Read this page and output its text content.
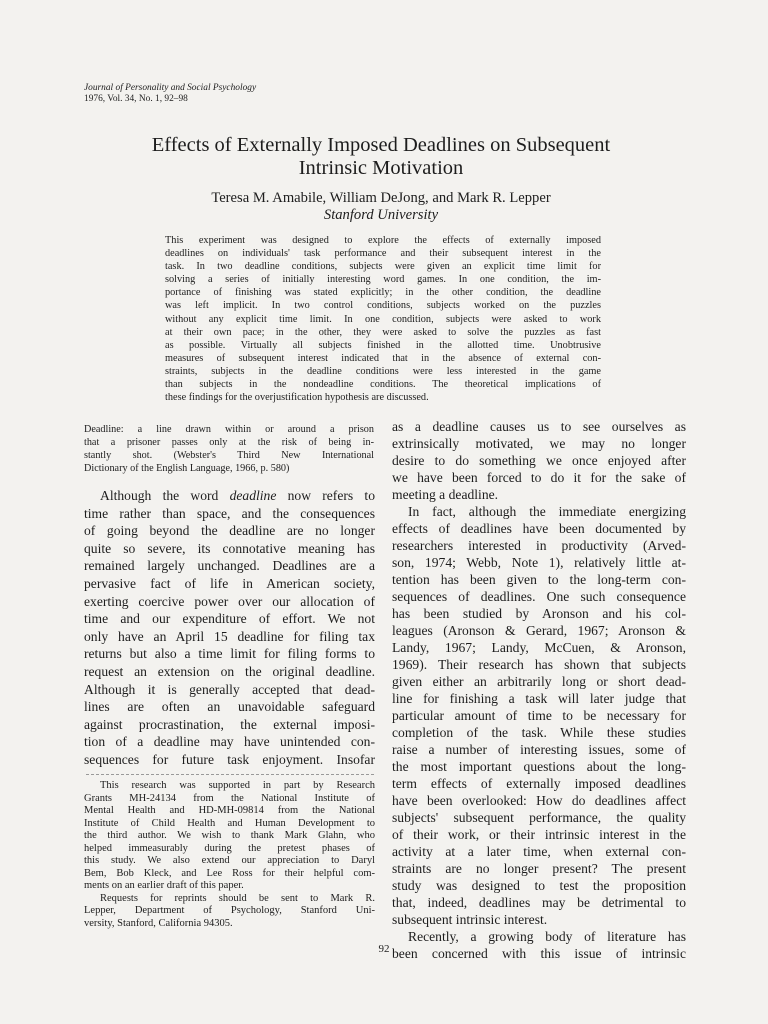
Journal of Personality and Social Psychology
1976, Vol. 34, No. 1, 92–98
Effects of Externally Imposed Deadlines on Subsequent
Intrinsic Motivation
Teresa M. Amabile, William DeJong, and Mark R. Lepper
Stanford University
This experiment was designed to explore the effects of externally imposed
deadlines on individuals' task performance and their subsequent interest in the
task. In two deadline conditions, subjects were given an explicit time limit for
solving a series of initially interesting word games. In one condition, the im-
portance of finishing was stated explicitly; in the other condition, the deadline
was left implicit. In two control conditions, subjects worked on the puzzles
without any explicit time limit. In one condition, subjects were asked to work
at their own pace; in the other, they were asked to solve the puzzles as fast
as possible. Virtually all subjects finished in the allotted time. Unobtrusive
measures of subsequent interest indicated that in the absence of external con-
straints, subjects in the deadline conditions were less interested in the game
than subjects in the nondeadline conditions. The theoretical implications of
these findings for the overjustification hypothesis are discussed.
Deadline: a line drawn within or around a prison
that a prisoner passes only at the risk of being in-
stantly shot. (Webster's Third New International
Dictionary of the English Language, 1966, p. 580)
Although the word deadline now refers to
time rather than space, and the consequences
of going beyond the deadline are no longer
quite so severe, its connotative meaning has
remained largely unchanged. Deadlines are a
pervasive fact of life in American society,
exerting coercive power over our allocation of
time and our expenditure of effort. We not
only have an April 15 deadline for filing tax
returns but also a time limit for filing forms to
request an extension on the original deadline.
Although it is generally accepted that dead-
lines are often an unavoidable safeguard
against procrastination, the external imposi-
tion of a deadline may have unintended con-
sequences for future task enjoyment. Insofar
This research was supported in part by Research
Grants MH-24134 from the National Institute of
Mental Health and HD-MH-09814 from the National
Institute of Child Health and Human Development to
the third author. We wish to thank Mark Glahn, who
helped immeasurably during the pretest phases of
this study. We also extend our appreciation to Daryl
Bem, Bob Kleck, and Lee Ross for their helpful com-
ments on an earlier draft of this paper.
Requests for reprints should be sent to Mark R.
Lepper, Department of Psychology, Stanford Uni-
versity, Stanford, California 94305.
as a deadline causes us to see ourselves as
extrinsically motivated, we may no longer
desire to do something we once enjoyed after
we have been forced to do it for the sake of
meeting a deadline.
In fact, although the immediate energizing
effects of deadlines have been documented by
researchers interested in productivity (Arved-
son, 1974; Webb, Note 1), relatively little at-
tention has been given to the long-term con-
sequences of deadlines. One such consequence
has been studied by Aronson and his col-
leagues (Aronson & Gerard, 1967; Aronson &
Landy, 1967; Landy, McCuen, & Aronson,
1969). Their research has shown that subjects
given either an arbitrarily long or short dead-
line for finishing a task will later judge that
particular amount of time to be necessary for
completion of the task. While these studies
raise a number of interesting issues, some of
the most important questions about the long-
term effects of externally imposed deadlines
have been overlooked: How do deadlines affect
subjects' subsequent performance, the quality
of their work, or their intrinsic interest in the
activity at a later time, when external con-
straints are no longer present? The present
study was designed to test the proposition
that, indeed, deadlines may be detrimental to
subsequent intrinsic interest.
Recently, a growing body of literature has
been concerned with this issue of intrinsic
92
